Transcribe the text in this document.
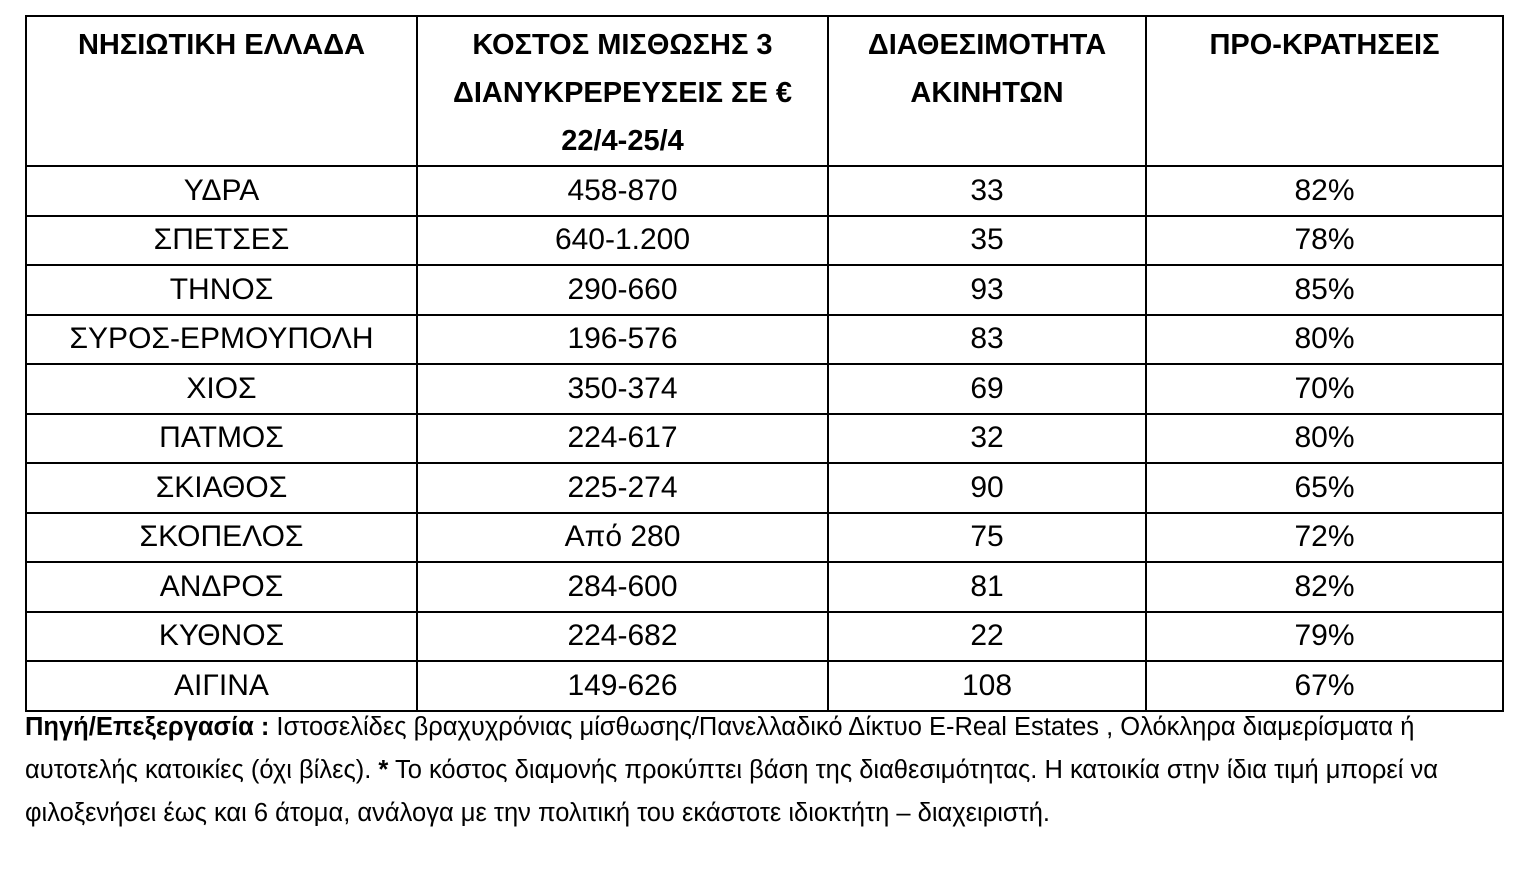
ΝΗΣΙΩΤΙΚΗ ΕΛΛΑΔΑ	ΚΟΣΤΟΣ ΜΙΣΘΩΣΗΣ 3 ΔΙΑΝΥΚΡΕΡΕΥΣΕΙΣ ΣΕ € 22/4-25/4	ΔΙΑΘΕΣΙΜΟΤΗΤΑ ΑΚΙΝΗΤΩΝ	ΠΡΟ-ΚΡΑΤΗΣΕΙΣ
ΥΔΡΑ	458-870	33	82%
ΣΠΕΤΣΕΣ	640-1.200	35	78%
ΤΗΝΟΣ	290-660	93	85%
ΣΥΡΟΣ-ΕΡΜΟΥΠΟΛΗ	196-576	83	80%
ΧΙΟΣ	350-374	69	70%
ΠΑΤΜΟΣ	224-617	32	80%
ΣΚΙΑΘΟΣ	225-274	90	65%
ΣΚΟΠΕΛΟΣ	Από 280	75	72%
ΑΝΔΡΟΣ	284-600	81	82%
ΚΥΘΝΟΣ	224-682	22	79%
ΑΙΓΙΝΑ	149-626	108	67%

Πηγή/Επεξεργασία : Ιστοσελίδες βραχυχρόνιας μίσθωσης/Πανελλαδικό Δίκτυο E-Real Estates , Ολόκληρα διαμερίσματα ή αυτοτελής κατοικίες (όχι βίλες). * Το κόστος διαμονής προκύπτει βάση της διαθεσιμότητας. Η κατοικία στην ίδια τιμή μπορεί να φιλοξενήσει έως και 6 άτομα, ανάλογα με την πολιτική του εκάστοτε ιδιοκτήτη – διαχειριστή.
